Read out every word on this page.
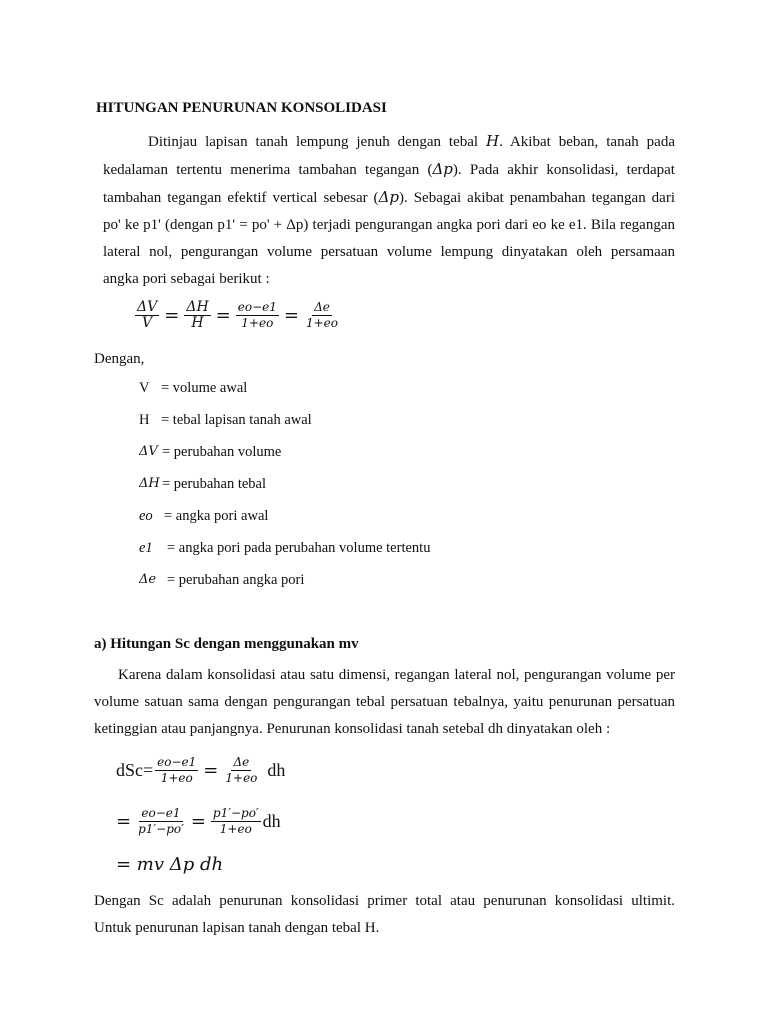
HITUNGAN PENURUNAN KONSOLIDASI
Ditinjau lapisan tanah lempung jenuh dengan tebal H. Akibat beban, tanah pada
kedalaman tertentu menerima tambahan tegangan (Δp). Pada akhir konsolidasi, terdapat
tambahan tegangan efektif vertical sebesar (Δp). Sebagai akibat penambahan tegangan dari
po' ke p1' (dengan p1' = po' + Δp) terjadi pengurangan angka pori dari eo ke e1. Bila regangan
lateral nol, pengurangan volume persatuan volume lempung dinyatakan oleh persamaan
angka pori sebagai berikut :
$\frac{\Delta V}{V} = \frac{\Delta H}{H} = \frac{eo-e1}{1+eo} = \frac{\Delta e}{1+eo}$
Dengan,
V = volume awal
H = tebal lapisan tanah awal
ΔV = perubahan volume
ΔH = perubahan tebal
eo = angka pori awal
e1 = angka pori pada perubahan volume tertentu
Δe = perubahan angka pori
a) Hitungan Sc dengan menggunakan mv
Karena dalam konsolidasi atau satu dimensi, regangan lateral nol, pengurangan volume per
volume satuan sama dengan pengurangan tebal persatuan tebalnya, yaitu penurunan persatuan
ketinggian atau panjangnya. Penurunan konsolidasi tanah setebal dh dinyatakan oleh :
$dSc= \frac{eo-e1}{1+eo} = \frac{\Delta e}{1+eo}$ dh
= $\frac{eo-e1}{p1'-po'} = \frac{p1'-po'}{1+eo}$ dh
= mv Δp dh
Dengan Sc adalah penurunan konsolidasi primer total atau penurunan konsolidasi ultimit.
Untuk penurunan lapisan tanah dengan tebal H.
